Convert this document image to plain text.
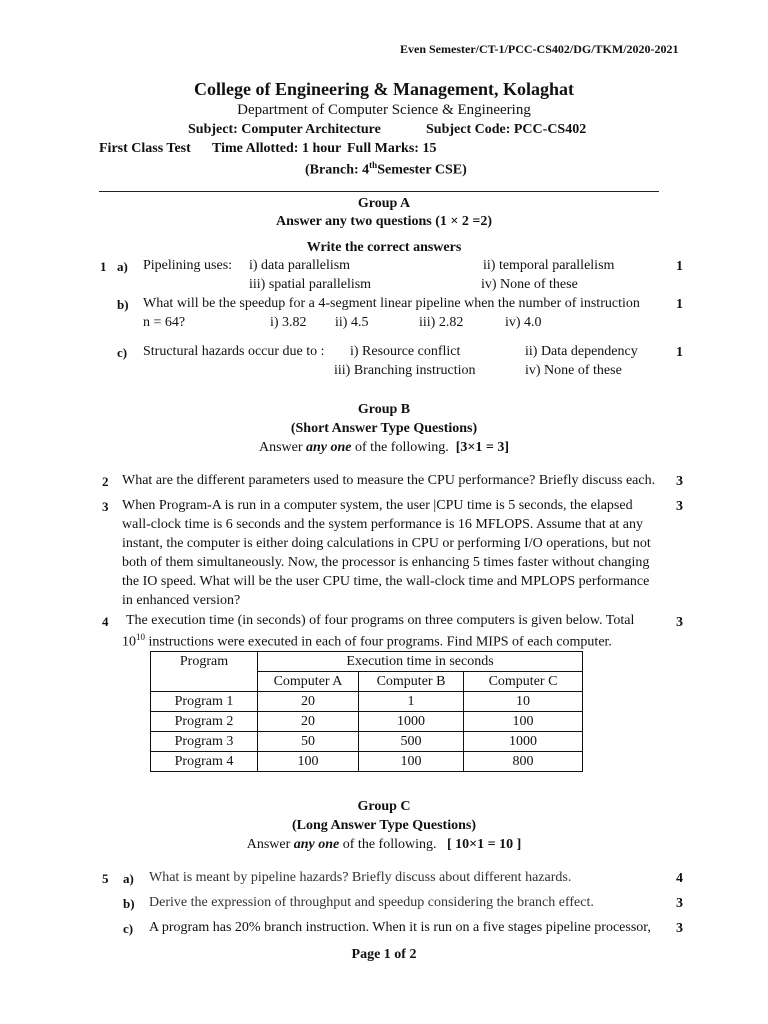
Even Semester/CT-1/PCC-CS402/DG/TKM/2020-2021
College of Engineering & Management, Kolaghat
Department of Computer Science & Engineering
Subject: Computer Architecture	Subject Code: PCC-CS402
First Class Test Time Allotted: 1 hour Full Marks: 15
(Branch: 4thSemester CSE)
Group A
Answer any two questions (1 × 2 =2)
Write the correct answers
1 a) Pipelining uses: i) data parallelism	ii) temporal parallelism
iii) spatial parallelism	iv) None of these
1
b) What will be the speedup for a 4-segment linear pipeline when the number of instruction
n = 64?	i) 3.82 ii) 4.5	iii) 2.82	iv) 4.0
1
c) Structural hazards occur due to : i) Resource conflict	ii) Data dependency
iii) Branching instruction	iv) None of these
1
Group B
(Short Answer Type Questions)
Answer any one of the following. [3×1 = 3]
2 What are the different parameters used to measure the CPU performance? Briefly discuss each. 3
3 When Program-A is run in a computer system, the user |CPU time is 5 seconds, the elapsed
wall-clock time is 6 seconds and the system performance is 16 MFLOPS. Assume that at any
instant, the computer is either doing calculations in CPU or performing I/O operations, but not
both of them simultaneously. Now, the processor is enhancing 5 times faster without changing
the IO speed. What will be the user CPU time, the wall-clock time and MPLOPS performance
in enhanced version?
3
4 The execution time (in seconds) of four programs on three computers is given below. Total
$10^{10}$ instructions were executed in each of four programs. Find MIPS of each computer.
3
Program	Execution time in seconds		
	Computer A	Computer B	Computer C
Program 1	20	1	10
Program 2	20	1000	100
Program 3	50	500	1000
Program 4	100	100	800
Group C
(Long Answer Type Questions)
Answer any one of the following. [ 10×1 = 10 ]
5 a) What is meant by pipeline hazards? Briefly discuss about different hazards.	4
b) Derive the expression of throughput and speedup considering the branch effect.	3
c) A program has 20% branch instruction. When it is run on a five stages pipeline processor, 3
Page 1 of 2
